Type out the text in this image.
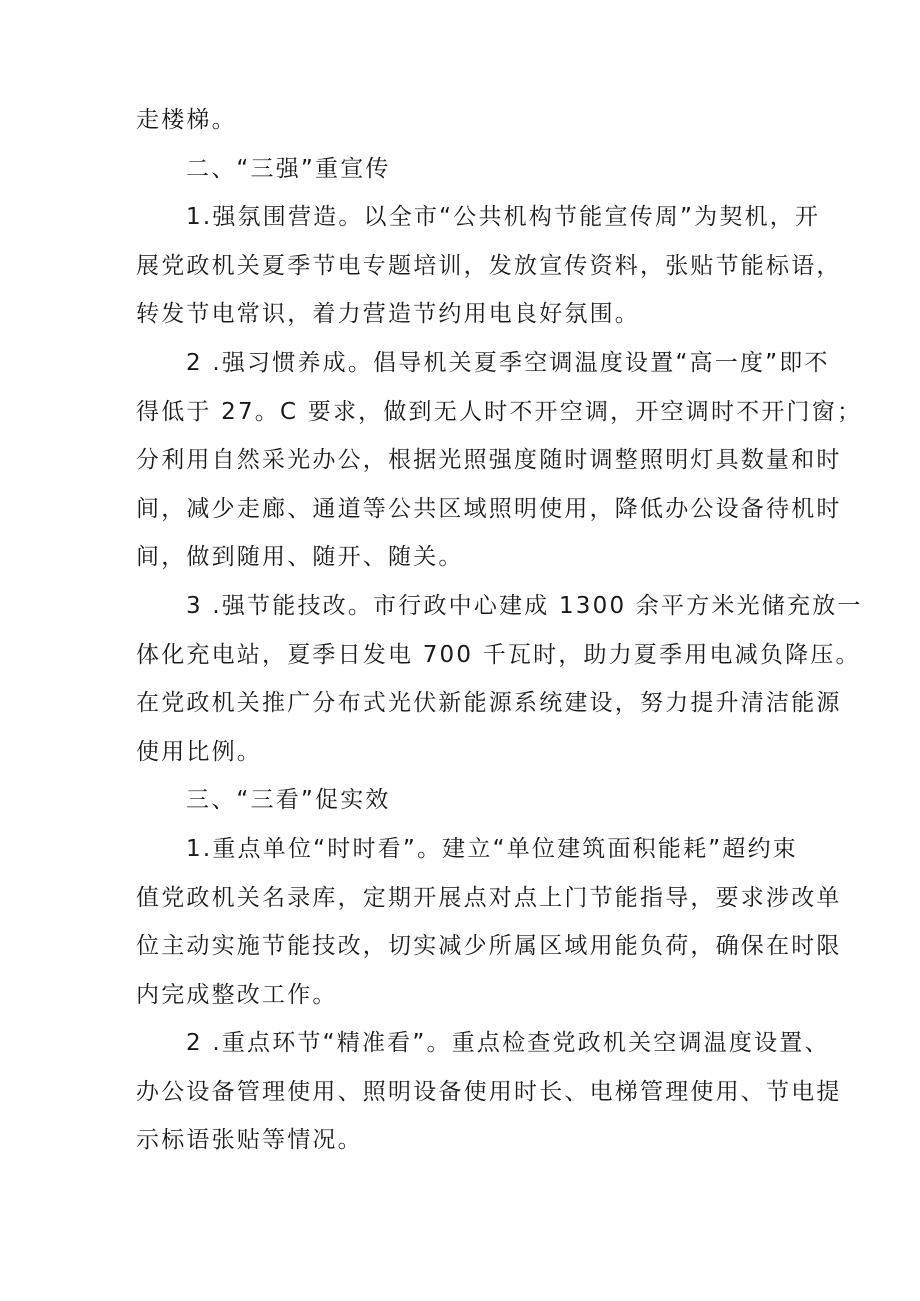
走楼梯。

二、“三强”重宣传

1.强氛围营造。以全市“公共机构节能宣传周”为契机，开
展党政机关夏季节电专题培训，发放宣传资料，张贴节能标语，
转发节电常识，着力营造节约用电良好氛围。

2 .强习惯养成。倡导机关夏季空调温度设置“高一度”即不
得低于 27。C 要求，做到无人时不开空调，开空调时不开门窗；
分利用自然采光办公，根据光照强度随时调整照明灯具数量和时
间，减少走廊、通道等公共区域照明使用，降低办公设备待机时
间，做到随用、随开、随关。

3 .强节能技改。市行政中心建成 1300 余平方米光储充放一
体化充电站，夏季日发电 700 千瓦时，助力夏季用电减负降压。
在党政机关推广分布式光伏新能源系统建设，努力提升清洁能源
使用比例。

三、“三看”促实效

1.重点单位“时时看”。建立“单位建筑面积能耗”超约束
值党政机关名录库，定期开展点对点上门节能指导，要求涉改单
位主动实施节能技改，切实减少所属区域用能负荷，确保在时限
内完成整改工作。

2 .重点环节“精准看”。重点检查党政机关空调温度设置、
办公设备管理使用、照明设备使用时长、电梯管理使用、节电提
示标语张贴等情况。
